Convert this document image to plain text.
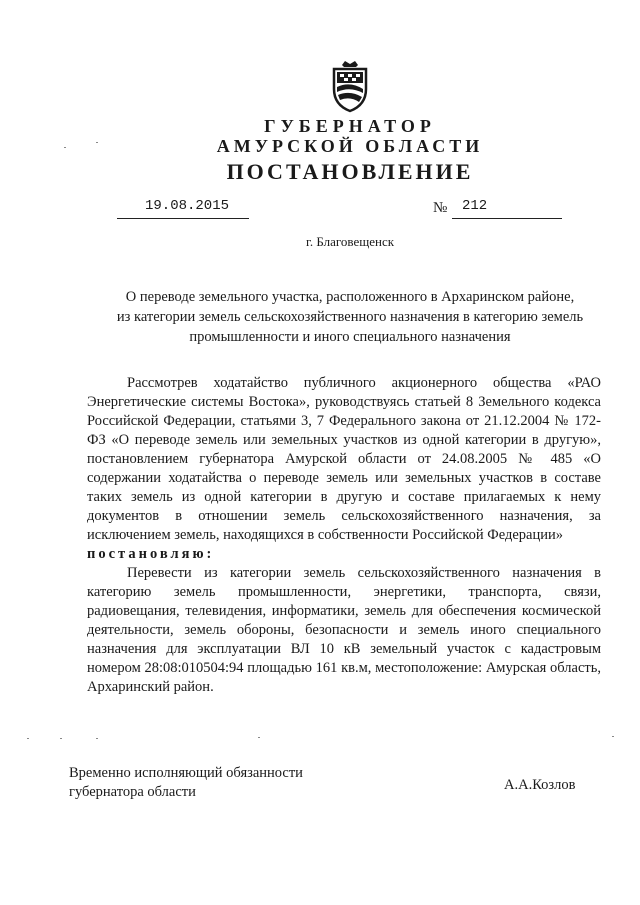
ГУБЕРНАТОР
АМУРСКОЙ ОБЛАСТИ
ПОСТАНОВЛЕНИЕ
19.08.2015	№ 212
г. Благовещенск
О переводе земельного участка, расположенного в Архаринском районе,
из категории земель сельскохозяйственного назначения в категорию земель
промышленности и иного специального назначения

Рассмотрев ходатайство публичного акционерного общества «РАО Энергетические системы Востока», руководствуясь статьей 8 Земельного кодекса Российской Федерации, статьями 3, 7 Федерального закона от 21.12.2004 № 172-ФЗ «О переводе земель или земельных участков из одной категории в другую», постановлением губернатора Амурской области от 24.08.2005 № 485 «О содержании ходатайства о переводе земель или земельных участков в составе таких земель из одной категории в другую и составе прилагаемых к нему документов в отношении земель сельскохозяйственного назначения, за исключением земель, находящихся в собственности Российской Федерации»

постановляю:

Перевести из категории земель сельскохозяйственного назначения в категорию земель промышленности, энергетики, транспорта, связи, радиовещания, телевидения, информатики, земель для обеспечения космической деятельности, земель обороны, безопасности и земель иного специального назначения для эксплуатации ВЛ 10 кВ земельный участок с кадастровым номером 28:08:010504:94 площадью 161 кв.м, местоположение: Амурская область, Архаринский район.

Временно исполняющий обязанности
губернатора области	А.А.Козлов
